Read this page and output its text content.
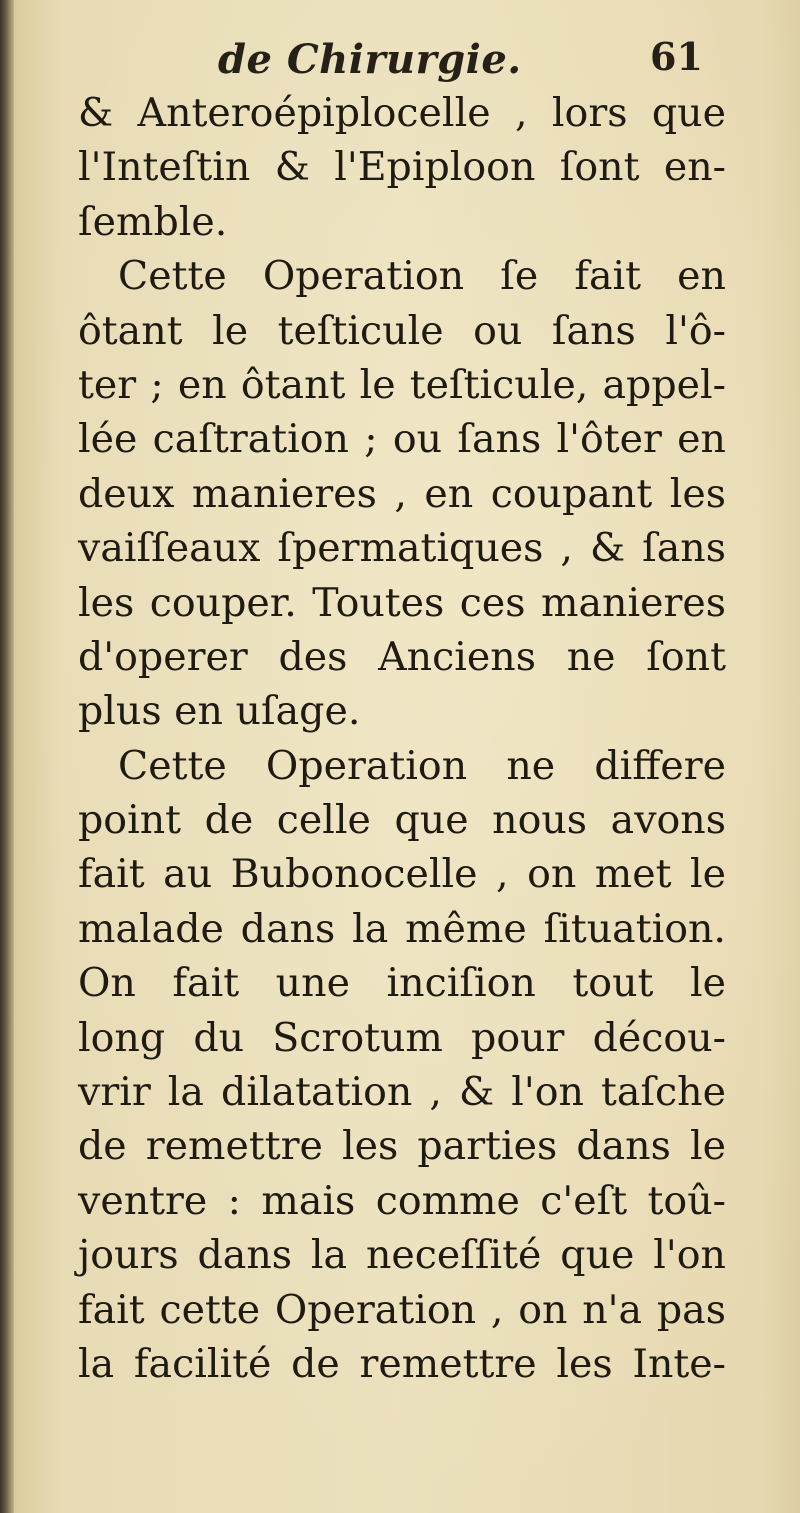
de Chirurgie.	61
& Anteroépiplocelle , lors que
l'Inteſtin & l'Epiploon ſont en-
ſemble.
Cette Operation ſe fait en
ôtant le teſticule ou ſans l'ô-
ter ; en ôtant le teſticule, appel-
lée caſtration ; ou ſans l'ôter en
deux manieres , en coupant les
vaiſſeaux ſpermatiques , & ſans
les couper. Toutes ces manieres
d'operer des Anciens ne ſont
plus en uſage.
Cette Operation ne differe
point de celle que nous avons
fait au Bubonocelle , on met le
malade dans la même ſituation.
On fait une inciſion tout le
long du Scrotum pour décou-
vrir la dilatation , & l'on taſche
de remettre les parties dans le
ventre : mais comme c'eſt toû-
jours dans la neceſſité que l'on
fait cette Operation , on n'a pas
la facilité de remettre les Inte-
